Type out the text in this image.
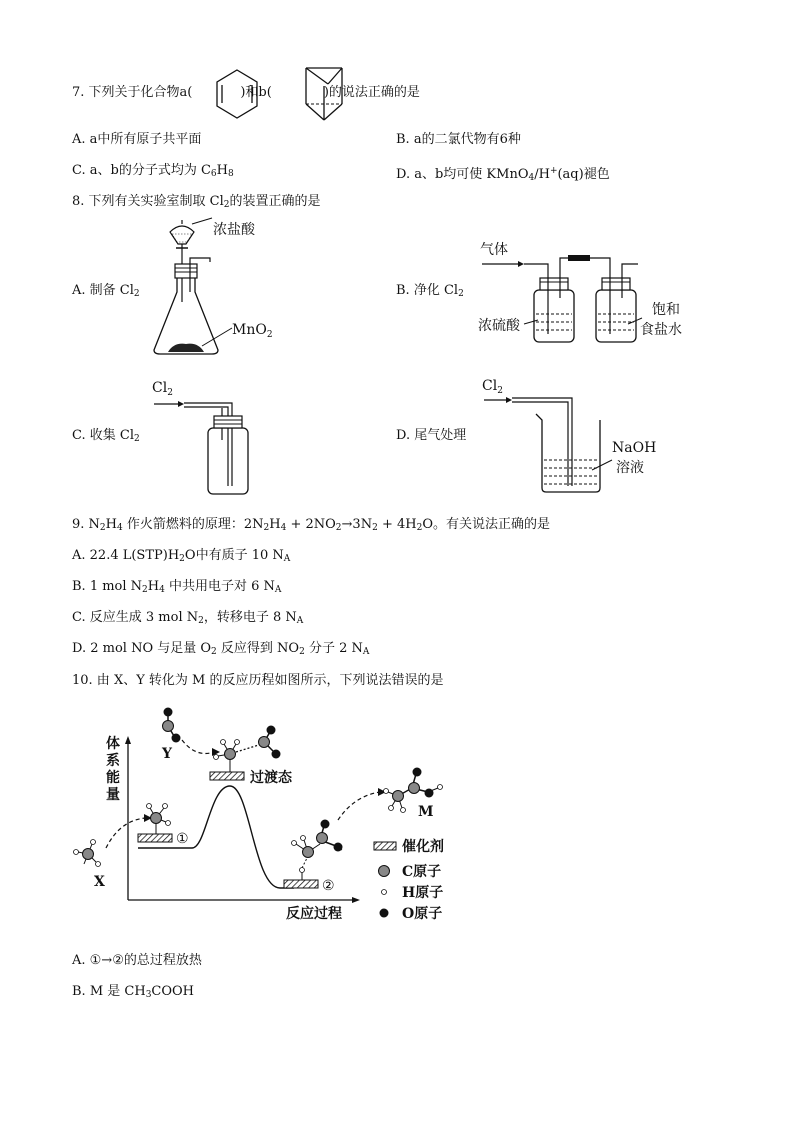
7. 下列关于化合物a(	)和b(	)的说法正确的是
A. a中所有原子共平面	B. a的二氯代物有6种
C. a、b的分子式均为 $C_6H_8$	D. a、b均可使 KMnO$_4$/H+(aq)褪色
8. 下列有关实验室制取 $Cl_2$的装置正确的是
A. 制备 $Cl_2$	B. 净化 $Cl_2$
C. 收集 $Cl_2$	D. 尾气处理
浓盐酸
MnO$_2$
气体
浓硫酸
饱和
食盐水
$Cl_2$	$Cl_2$
NaOH
溶液
9. $N_2H_4$ 作火箭燃料的原理：$2N_2H_4 + 2NO_2\to 3N_2 + 4H_2O$。有关说法正确的是
A. 22.4 $L(STP)H_2O$中有质子 10 $N_A$
B. 1 mol $N_2H_4$ 中共用电子对 6 $N_A$
C. 反应生成 3 mol $N_2$，转移电子 8 $N_A$
D. 2 mol NO 与足量 $O_2$ 反应得到 $NO_2$ 分子 2 $N_A$
10. 由 X、Y 转化为 M 的反应历程如图所示，下列说法错误的是
体
系
能
量
反应过程
①
过渡态
②
X
Y
M
催化剂
C原子
H原子
O原子
A. ①→②的总过程放热
B. M 是 $CH_3COOH$
